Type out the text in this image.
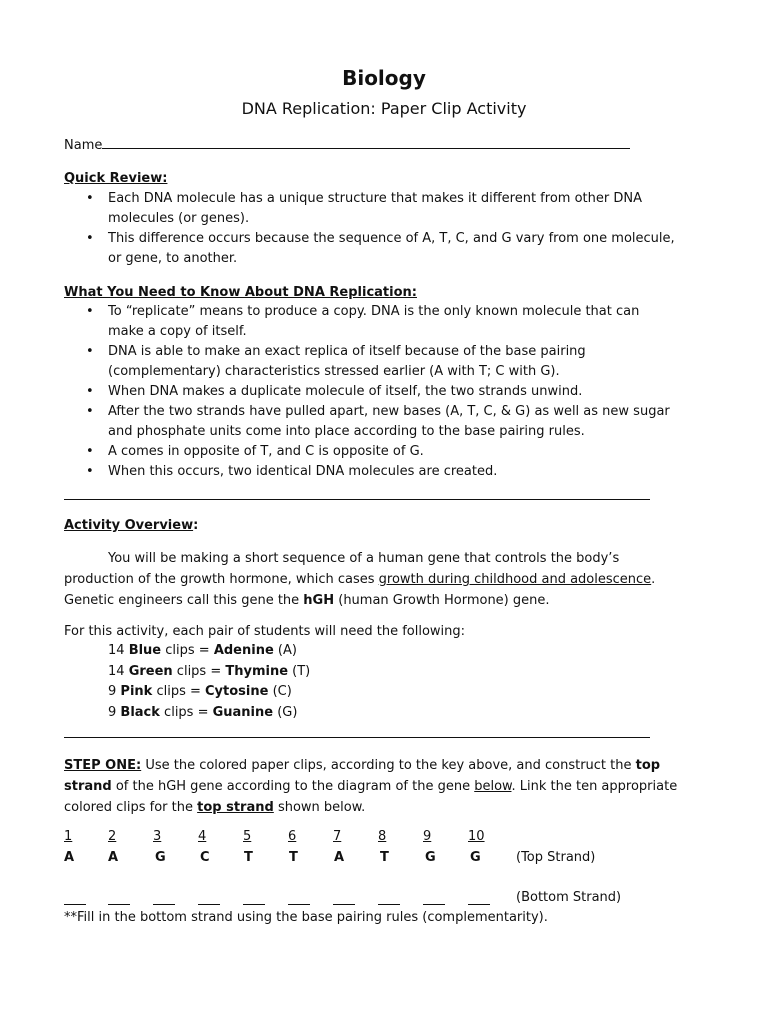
Biology
DNA Replication: Paper Clip Activity
Name
Quick Review:
• Each DNA molecule has a unique structure that makes it different from other DNA
molecules (or genes).
• This difference occurs because the sequence of A, T, C, and G vary from one molecule,
or gene, to another.
What You Need to Know About DNA Replication:
• To “replicate” means to produce a copy. DNA is the only known molecule that can
make a copy of itself.
• DNA is able to make an exact replica of itself because of the base pairing
(complementary) characteristics stressed earlier (A with T; C with G).
• When DNA makes a duplicate molecule of itself, the two strands unwind.
• After the two strands have pulled apart, new bases (A, T, C, & G) as well as new sugar
and phosphate units come into place according to the base pairing rules.
• A comes in opposite of T, and C is opposite of G.
• When this occurs, two identical DNA molecules are created.
Activity Overview:
You will be making a short sequence of a human gene that controls the body’s
production of the growth hormone, which cases growth during childhood and adolescence.
Genetic engineers call this gene the hGH (human Growth Hormone) gene.
For this activity, each pair of students will need the following:
14 Blue clips = Adenine (A)
14 Green clips = Thymine (T)
9 Pink clips = Cytosine (C)
9 Black clips = Guanine (G)
STEP ONE: Use the colored paper clips, according to the key above, and construct the top
strand of the hGH gene according to the diagram of the gene below. Link the ten appropriate
colored clips for the top strand shown below.
1	2	3	4	5	6	7	8	9	10
A	A	G	C	T	T	A	T	G	G	(Top Strand)
(Bottom Strand)
**Fill in the bottom strand using the base pairing rules (complementarity).
